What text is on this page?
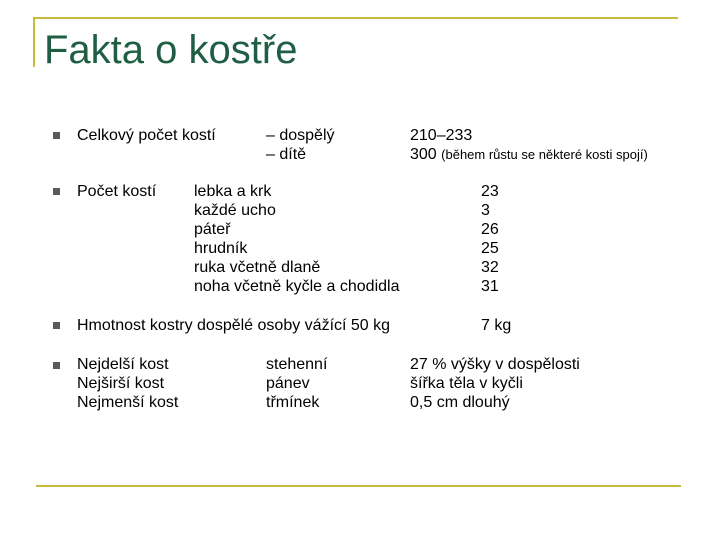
Fakta o kostře
Celkový počet kostí	– dospělý
– dítě
210–233
300 (během růstu se některé kosti spojí)
Počet kostí lebka a krk
každé ucho
páteř
hrudník
ruka včetně dlaně
noha včetně kyčle a chodidla
23
3
26
25
32
31
Hmotnost kostry dospělé osoby vážící 50 kg	7 kg
Nejdelší kost
Nejširší kost
Nejmenší kost
stehenní
pánev
třmínek
27 % výšky v dospělosti
šířka těla v kyčli
0,5 cm dlouhý
